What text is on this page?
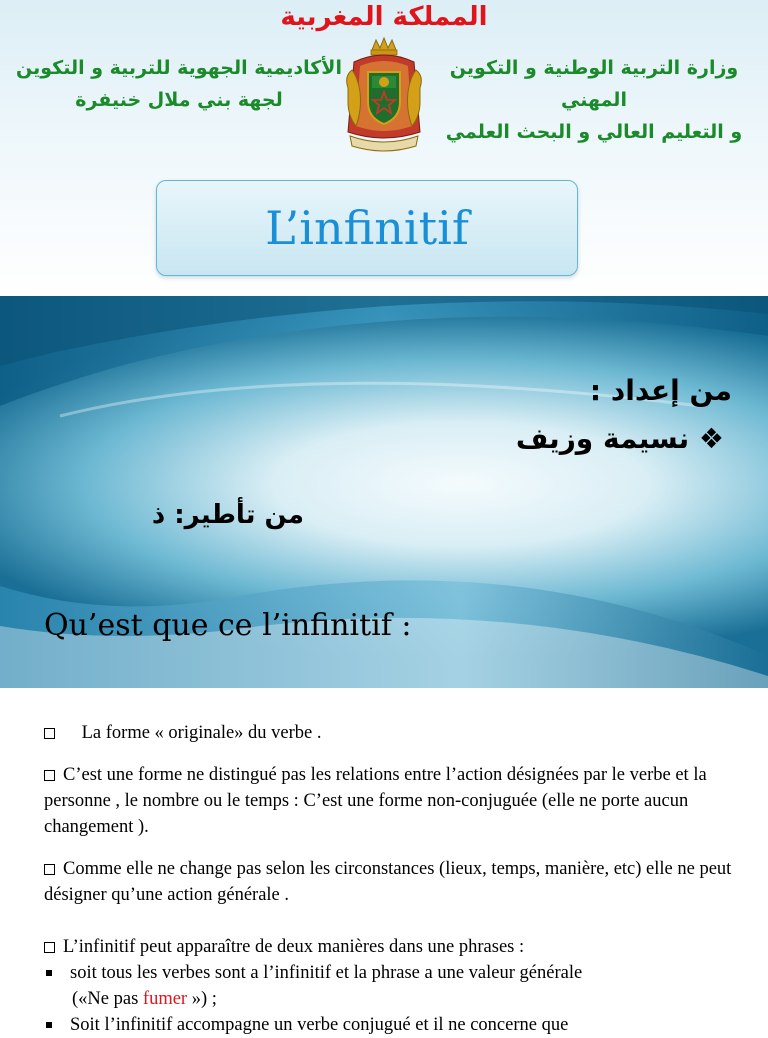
المملكة المغربية
وزارة التربية الوطنية و التكوين المهني
و التعليم العالي و البحث العلمي
الأكاديمية الجهوية للتربية و التكوين
لجهة بني ملال خنيفرة
L’infinitif
من إعداد :
❖ نسيمة وزيف
من تأطير: ذ
Qu’est que ce l’infinitif :
La forme « originale» du verbe .
C’est une forme ne distingué pas les relations entre l’action désignées par le verbe et la personne , le nombre ou le temps : C’est une forme non-conjuguée (elle ne porte aucun changement ).
Comme elle ne change pas selon les circonstances (lieux, temps, manière, etc) elle ne peut désigner qu’une action générale .
L’infinitif peut apparaître de deux manières dans une phrases :
soit tous les verbes sont a l’infinitif et la phrase a une valeur générale
(«Ne pas fumer ») ;
Soit l’infinitif accompagne un verbe conjugué et il ne concerne que
